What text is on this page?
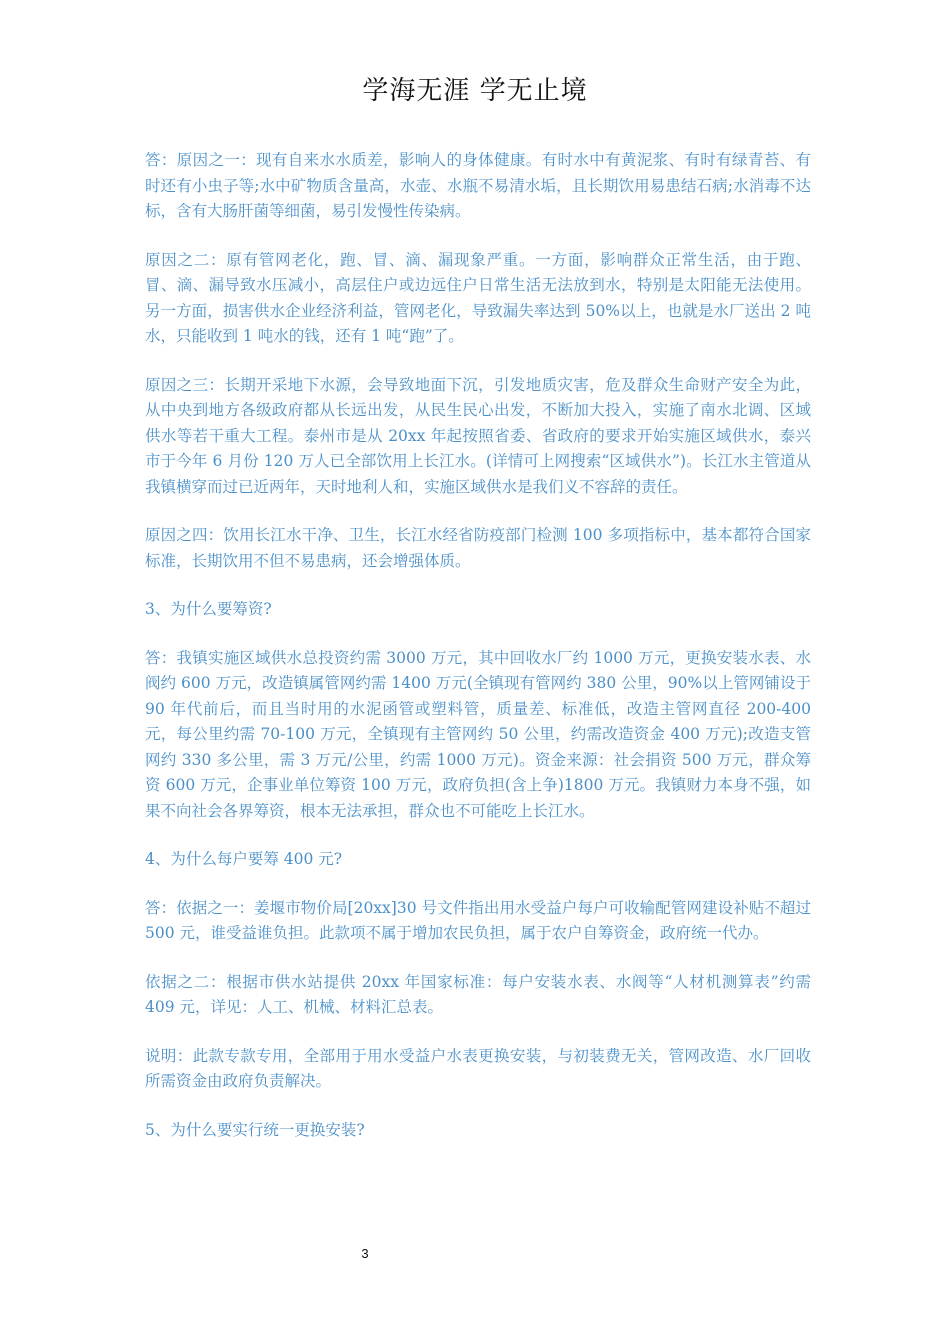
学海无涯 学无止境

答：原因之一：现有自来水水质差，影响人的身体健康。有时水中有黄泥浆、有时有绿青苔、有时还有小虫子等;水中矿物质含量高，水壶、水瓶不易清水垢，且长期饮用易患结石病;水消毒不达标，含有大肠肝菌等细菌，易引发慢性传染病。

原因之二：原有管网老化，跑、冒、滴、漏现象严重。一方面，影响群众正常生活，由于跑、冒、滴、漏导致水压减小，高层住户或边远住户日常生活无法放到水，特别是太阳能无法使用。另一方面，损害供水企业经济利益，管网老化，导致漏失率达到 50%以上，也就是水厂送出 2 吨水，只能收到 1 吨水的钱，还有 1 吨“跑”了。

原因之三：长期开采地下水源，会导致地面下沉，引发地质灾害，危及群众生命财产安全为此，从中央到地方各级政府都从长远出发，从民生民心出发，不断加大投入，实施了南水北调、区域供水等若干重大工程。泰州市是从 20xx 年起按照省委、省政府的要求开始实施区域供水，泰兴市于今年 6 月份 120 万人已全部饮用上长江水。(详情可上网搜索“区域供水”)。长江水主管道从我镇横穿而过已近两年，天时地利人和，实施区域供水是我们义不容辞的责任。

原因之四：饮用长江水干净、卫生，长江水经省防疫部门检测 100 多项指标中，基本都符合国家标准，长期饮用不但不易患病，还会增强体质。

3、为什么要筹资?

答：我镇实施区域供水总投资约需 3000 万元，其中回收水厂约 1000 万元，更换安装水表、水阀约 600 万元，改造镇属管网约需 1400 万元(全镇现有管网约 380 公里，90%以上管网铺设于 90 年代前后，而且当时用的水泥函管或塑料管，质量差、标准低，改造主管网直径 200-400 元，每公里约需 70-100 万元，全镇现有主管网约 50 公里，约需改造资金 400 万元);改造支管网约 330 多公里，需 3 万元/公里，约需 1000 万元)。资金来源：社会捐资 500 万元，群众筹资 600 万元，企事业单位筹资 100 万元，政府负担(含上争)1800 万元。我镇财力本身不强，如果不向社会各界筹资，根本无法承担，群众也不可能吃上长江水。

4、为什么每户要筹 400 元?

答：依据之一：姜堰市物价局[20xx]30 号文件指出用水受益户每户可收输配管网建设补贴不超过 500 元，谁受益谁负担。此款项不属于增加农民负担，属于农户自筹资金，政府统一代办。

依据之二：根据市供水站提供 20xx 年国家标准：每户安装水表、水阀等“人材机测算表”约需 409 元，详见：人工、机械、材料汇总表。

说明：此款专款专用，全部用于用水受益户水表更换安装，与初装费无关，管网改造、水厂回收所需资金由政府负责解决。

5、为什么要实行统一更换安装?

3
